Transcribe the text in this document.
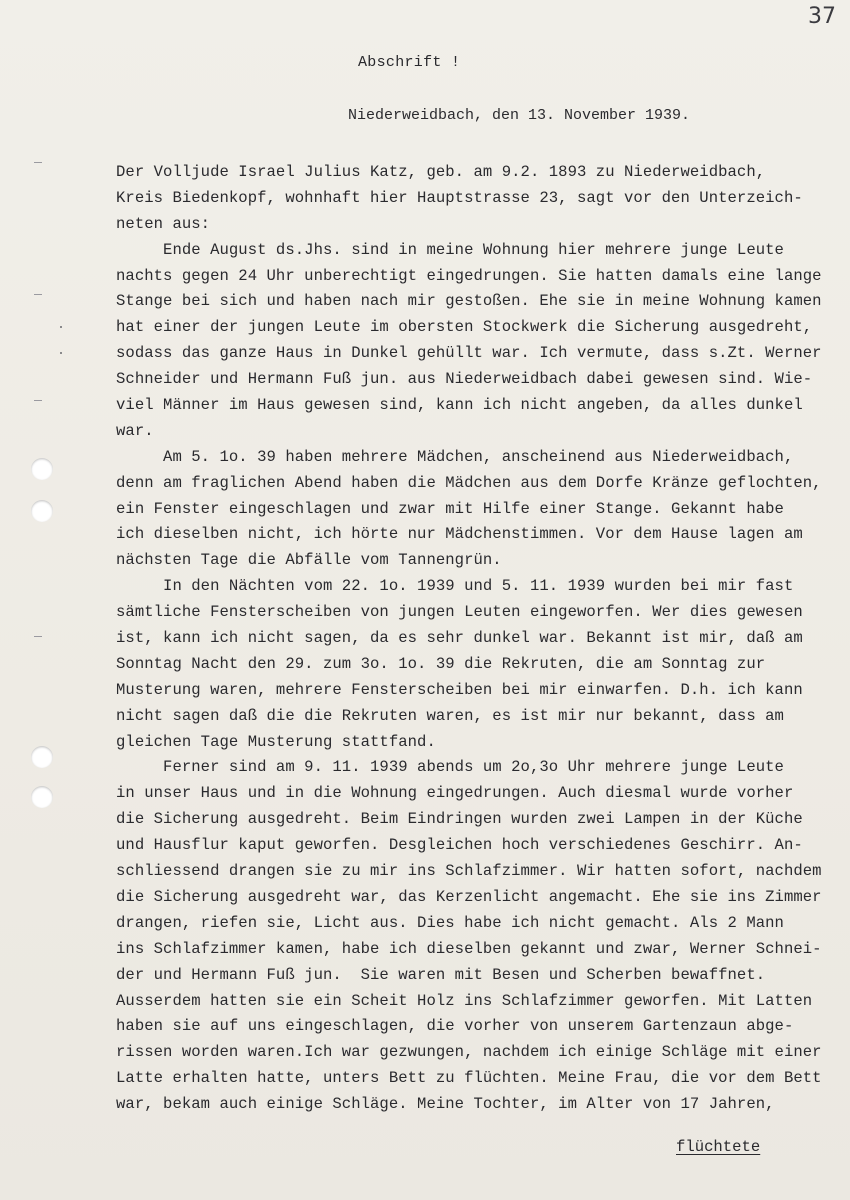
37
Abschrift !
Niederweidbach, den 13. November 1939.
Der Volljude Israel Julius Katz, geb. am 9.2. 1893 zu Niederweidbach,
Kreis Biedenkopf, wohnhaft hier Hauptstrasse 23, sagt vor den Unterzeich-
neten aus:
Ende August ds.Jhs. sind in meine Wohnung hier mehrere junge Leute
nachts gegen 24 Uhr unberechtigt eingedrungen. Sie hatten damals eine lange
Stange bei sich und haben nach mir gestoßen. Ehe sie in meine Wohnung kamen
hat einer der jungen Leute im obersten Stockwerk die Sicherung ausgedreht,
sodass das ganze Haus in Dunkel gehüllt war. Ich vermute, dass s.Zt. Werner
Schneider und Hermann Fuß jun. aus Niederweidbach dabei gewesen sind. Wie-
viel Männer im Haus gewesen sind, kann ich nicht angeben, da alles dunkel
war.
Am 5. 1o. 39 haben mehrere Mädchen, anscheinend aus Niederweidbach,
denn am fraglichen Abend haben die Mädchen aus dem Dorfe Kränze geflochten,
ein Fenster eingeschlagen und zwar mit Hilfe einer Stange. Gekannt habe
ich dieselben nicht, ich hörte nur Mädchenstimmen. Vor dem Hause lagen am
nächsten Tage die Abfälle vom Tannengrün.
In den Nächten vom 22. 1o. 1939 und 5. 11. 1939 wurden bei mir fast
sämtliche Fensterscheiben von jungen Leuten eingeworfen. Wer dies gewesen
ist, kann ich nicht sagen, da es sehr dunkel war. Bekannt ist mir, daß am
Sonntag Nacht den 29. zum 3o. 1o. 39 die Rekruten, die am Sonntag zur
Musterung waren, mehrere Fensterscheiben bei mir einwarfen. D.h. ich kann
nicht sagen daß die die Rekruten waren, es ist mir nur bekannt, dass am
gleichen Tage Musterung stattfand.
Ferner sind am 9. 11. 1939 abends um 2o,3o Uhr mehrere junge Leute
in unser Haus und in die Wohnung eingedrungen. Auch diesmal wurde vorher
die Sicherung ausgedreht. Beim Eindringen wurden zwei Lampen in der Küche
und Hausflur kaput geworfen. Desgleichen hoch verschiedenes Geschirr. An-
schliessend drangen sie zu mir ins Schlafzimmer. Wir hatten sofort, nachdem
die Sicherung ausgedreht war, das Kerzenlicht angemacht. Ehe sie ins Zimmer
drangen, riefen sie, Licht aus. Dies habe ich nicht gemacht. Als 2 Mann
ins Schlafzimmer kamen, habe ich dieselben gekannt und zwar, Werner Schnei-
der und Hermann Fuß jun.  Sie waren mit Besen und Scherben bewaffnet.
Ausserdem hatten sie ein Scheit Holz ins Schlafzimmer geworfen. Mit Latten
haben sie auf uns eingeschlagen, die vorher von unserem Gartenzaun abge-
rissen worden waren.Ich war gezwungen, nachdem ich einige Schläge mit einer
Latte erhalten hatte, unters Bett zu flüchten. Meine Frau, die vor dem Bett
war, bekam auch einige Schläge. Meine Tochter, im Alter von 17 Jahren,
flüchtete
